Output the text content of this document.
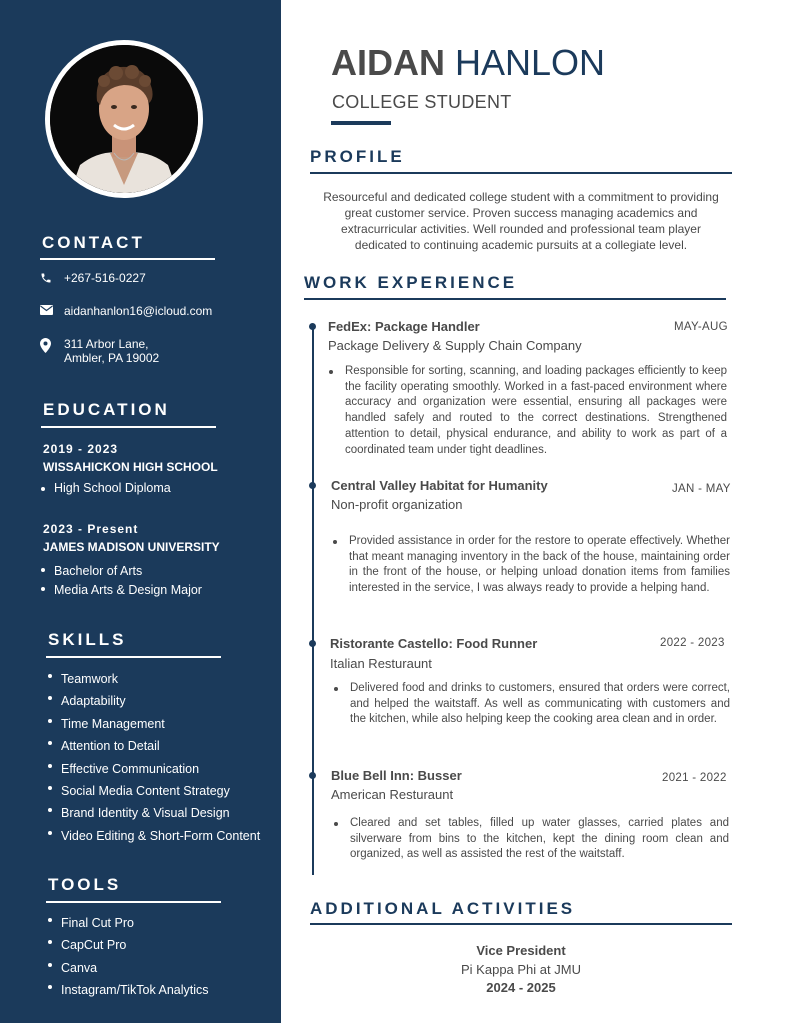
CONTACT
+267-516-0227
aidanhanlon16@icloud.com
311 Arbor Lane,
Ambler, PA 19002
EDUCATION
2019 - 2023
WISSAHICKON HIGH SCHOOL
High School Diploma
2023 - Present
JAMES MADISON UNIVERSITY
Bachelor of Arts
Media Arts & Design Major
SKILLS
Teamwork
Adaptability
Time Management
Attention to Detail
Effective Communication
Social Media Content Strategy
Brand Identity & Visual Design
Video Editing & Short-Form Content
TOOLS
Final Cut Pro
CapCut Pro
Canva
Instagram/TikTok Analytics
AIDAN HANLON
COLLEGE STUDENT
PROFILE
Resourceful and dedicated college student with a commitment to providing great customer service. Proven success managing academics and extracurricular activities. Well rounded and professional team player dedicated to continuing academic pursuits at a collegiate level.
WORK EXPERIENCE
FedEx: Package Handler	MAY-AUG
Package Delivery & Supply Chain Company
Responsible for sorting, scanning, and loading packages efficiently to keep the facility operating smoothly. Worked in a fast-paced environment where accuracy and organization were essential, ensuring all packages were handled safely and routed to the correct destinations. Strengthened attention to detail, physical endurance, and ability to work as part of a coordinated team under tight deadlines.
Central Valley Habitat for Humanity	JAN - MAY
Non-profit organization
Provided assistance in order for the restore to operate effectively. Whether that meant managing inventory in the back of the house, maintaining order in the front of the house, or helping unload donation items from families interested in the service, I was always ready to provide a helping hand.
Ristorante Castello: Food Runner	2022 - 2023
Italian Resturaunt
Delivered food and drinks to customers, ensured that orders were correct, and helped the waitstaff. As well as communicating with customers and the kitchen, while also helping keep the cooking area clean and in order.
Blue Bell Inn: Busser	2021 - 2022
American Resturaunt
Cleared and set tables, filled up water glasses, carried plates and silverware from bins to the kitchen, kept the dining room clean and organized, as well as assisted the rest of the waitstaff.
ADDITIONAL ACTIVITIES
Vice President
Pi Kappa Phi at JMU
2024 - 2025
